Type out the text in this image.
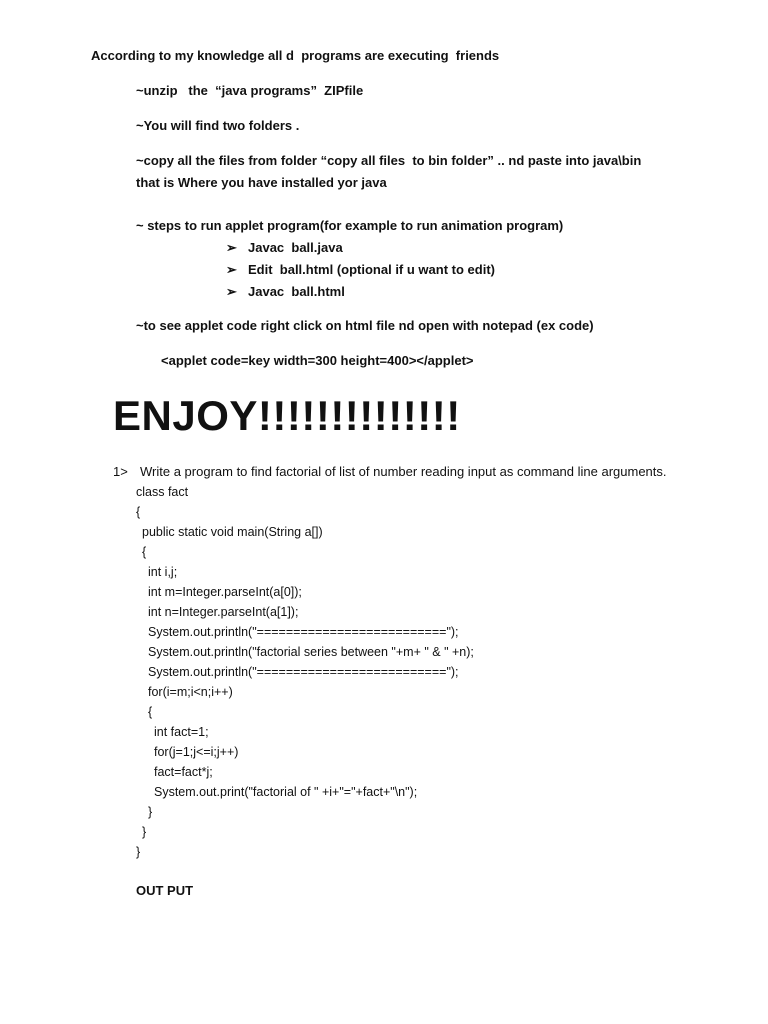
According to my knowledge all d  programs are executing  friends
~unzip   the  “java programs”  ZIPfile
~You will find two folders .
~copy all the files from folder “copy all files  to bin folder” .. nd paste into java\bin
that is Where you have installed yor java
~ steps to run applet program(for example to run animation program)
➢ Javac  ball.java
➢ Edit  ball.html (optional if u want to edit)
➢ Javac  ball.html
~to see applet code right click on html file nd open with notepad (ex code)
<applet code=key width=300 height=400></applet>
ENJOY!!!!!!!!!!!!!!
1> Write a program to find factorial of list of number reading input as command line arguments.
class fact
{
public static void main(String a[])
{
int i,j;
int m=Integer.parseInt(a[0]);
int n=Integer.parseInt(a[1]);
System.out.println("==========================");
System.out.println("factorial series between "+m+ " & " +n);
System.out.println("==========================");
for(i=m;i<n;i++)
{
int fact=1;
for(j=1;j<=i;j++)
fact=fact*j;
System.out.print("factorial of " +i+"="+fact+"\n");
}
}
}
OUT PUT
